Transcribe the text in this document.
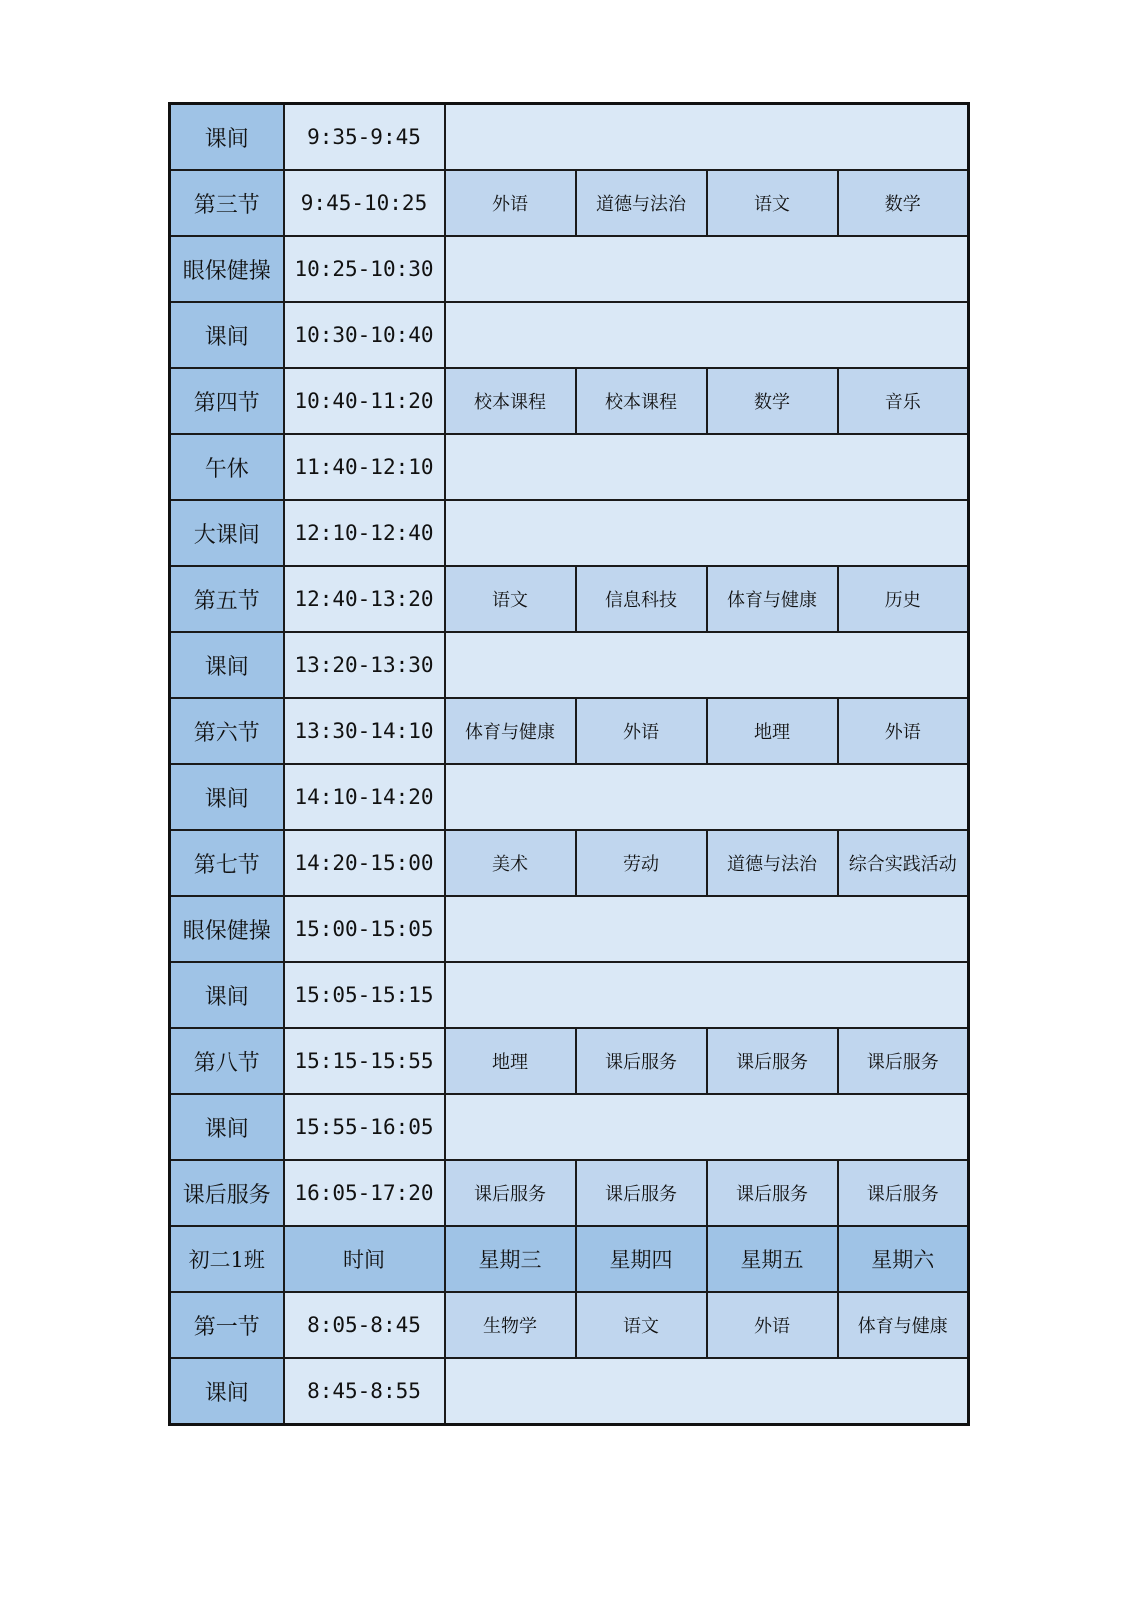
课间	9:35-9:45				
第三节	9:45-10:25	外语	道德与法治	语文	数学
眼保健操	10:25-10:30				
课间	10:30-10:40				
第四节	10:40-11:20	校本课程	校本课程	数学	音乐
午休	11:40-12:10				
大课间	12:10-12:40				
第五节	12:40-13:20	语文	信息科技	体育与健康	历史
课间	13:20-13:30				
第六节	13:30-14:10	体育与健康	外语	地理	外语
课间	14:10-14:20				
第七节	14:20-15:00	美术	劳动	道德与法治	综合实践活动
眼保健操	15:00-15:05				
课间	15:05-15:15				
第八节	15:15-15:55	地理	课后服务	课后服务	课后服务
课间	15:55-16:05				
课后服务	16:05-17:20	课后服务	课后服务	课后服务	课后服务
初二1班	时间	星期三	星期四	星期五	星期六
第一节	8:05-8:45	生物学	语文	外语	体育与健康
课间	8:45-8:55				
